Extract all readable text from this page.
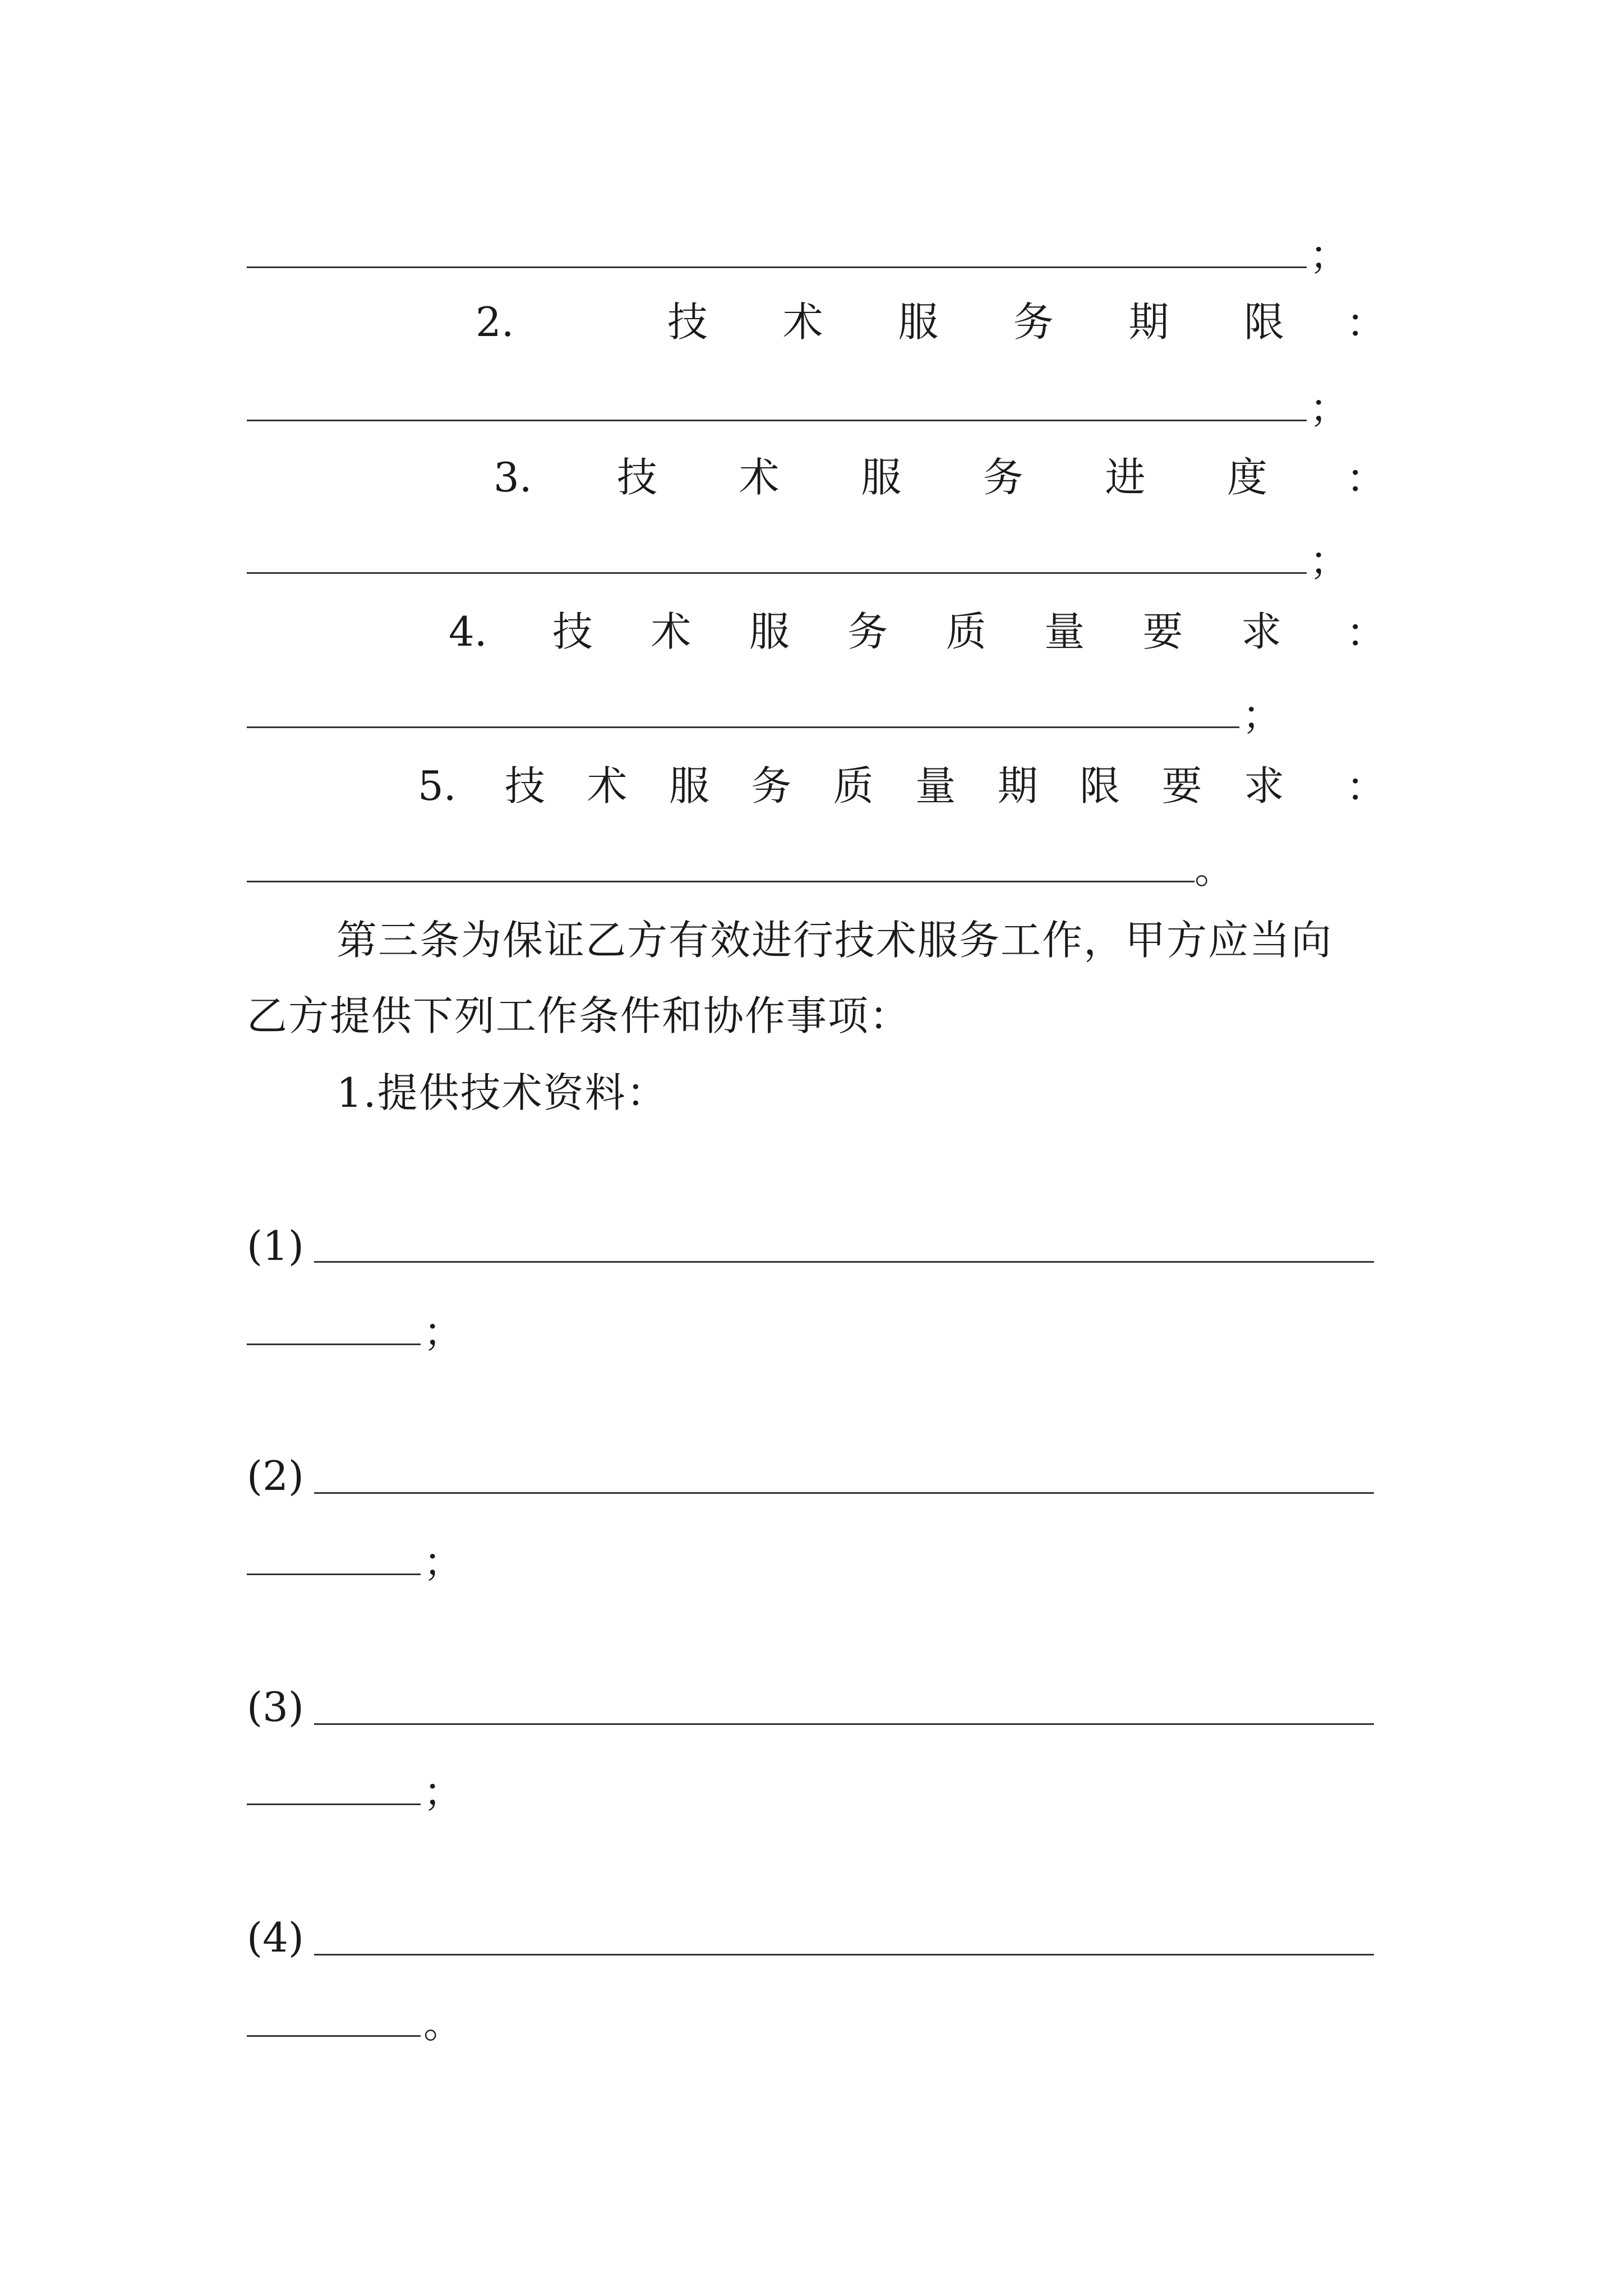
；
2.	技 术 服 务 期 限 ：
；
3. 技 术 服 务 进 度 ：
；
4. 技 术 服 务 质 量 要 求 ：
；
5. 技 术 服 务 质 量 期 限 要 求 ：
。
第三条为保证乙方有效进行技术服务工作，甲方应当向
乙方提供下列工作条件和协作事项：
1.提供技术资料：
(1)
；
(2)
；
(3)
；
(4)
。
